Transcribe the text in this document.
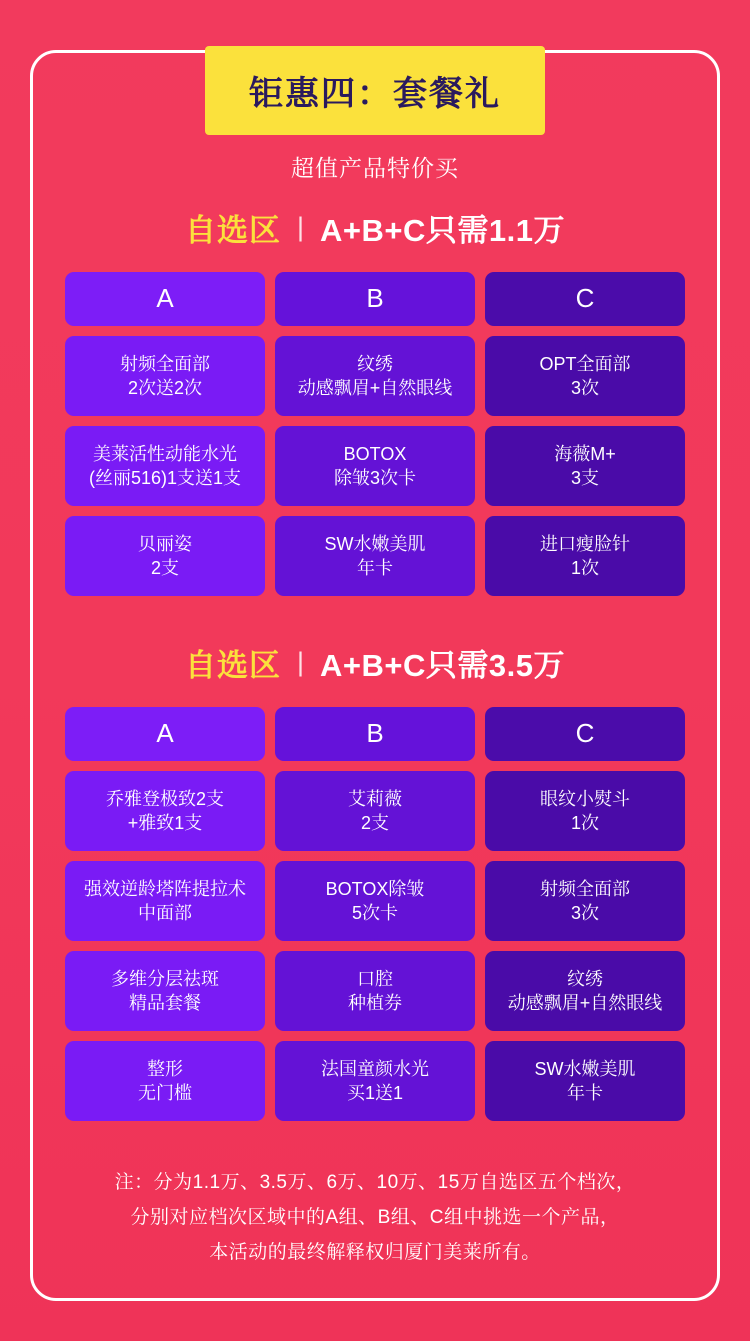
钜惠四：套餐礼
超值产品特价买
自选区 | A+B+C只需1.1万
A
射频全面部
2次送2次
美莱活性动能水光
(丝丽516)1支送1支
贝丽姿
2支
B
纹绣
动感飘眉+自然眼线
BOTOX
除皱3次卡
SW水嫩美肌
年卡
C
OPT全面部
3次
海薇M+
3支
进口瘦脸针
1次
自选区 | A+B+C只需3.5万
A
乔雅登极致2支
+雅致1支
强效逆龄塔阵提拉术
中面部
多维分层祛斑
精品套餐
整形
无门槛
B
艾莉薇
2支
BOTOX除皱
5次卡
口腔
种植券
法国童颜水光
买1送1
C
眼纹小熨斗
1次
射频全面部
3次
纹绣
动感飘眉+自然眼线
SW水嫩美肌
年卡
注：分为1.1万、3.5万、6万、10万、15万自选区五个档次，
分别对应档次区域中的A组、B组、C组中挑选一个产品，
本活动的最终解释权归厦门美莱所有。
